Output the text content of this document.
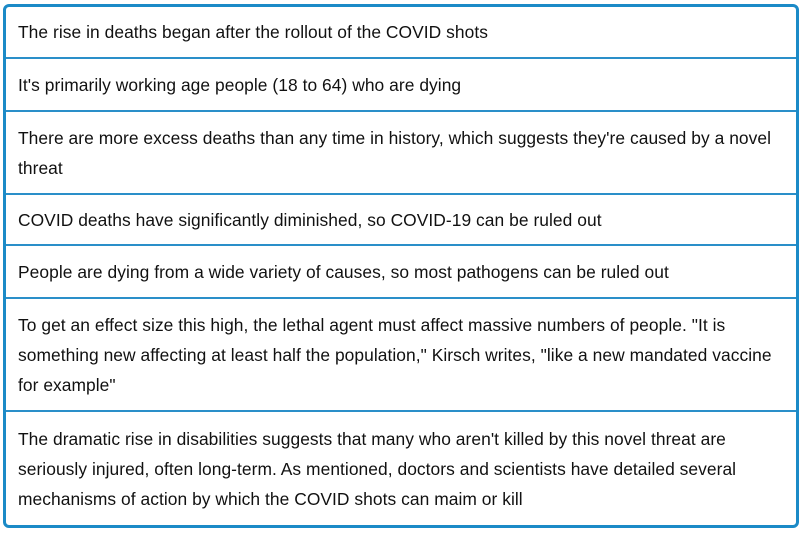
The rise in deaths began after the rollout of the COVID shots
It's primarily working age people (18 to 64) who are dying
There are more excess deaths than any time in history, which suggests they're caused by a novel threat
COVID deaths have significantly diminished, so COVID-19 can be ruled out
People are dying from a wide variety of causes, so most pathogens can be ruled out
To get an effect size this high, the lethal agent must affect massive numbers of people. "It is something new affecting at least half the population," Kirsch writes, "like a new mandated vaccine for example"
The dramatic rise in disabilities suggests that many who aren't killed by this novel threat are seriously injured, often long-term. As mentioned, doctors and scientists have detailed several mechanisms of action by which the COVID shots can maim or kill
